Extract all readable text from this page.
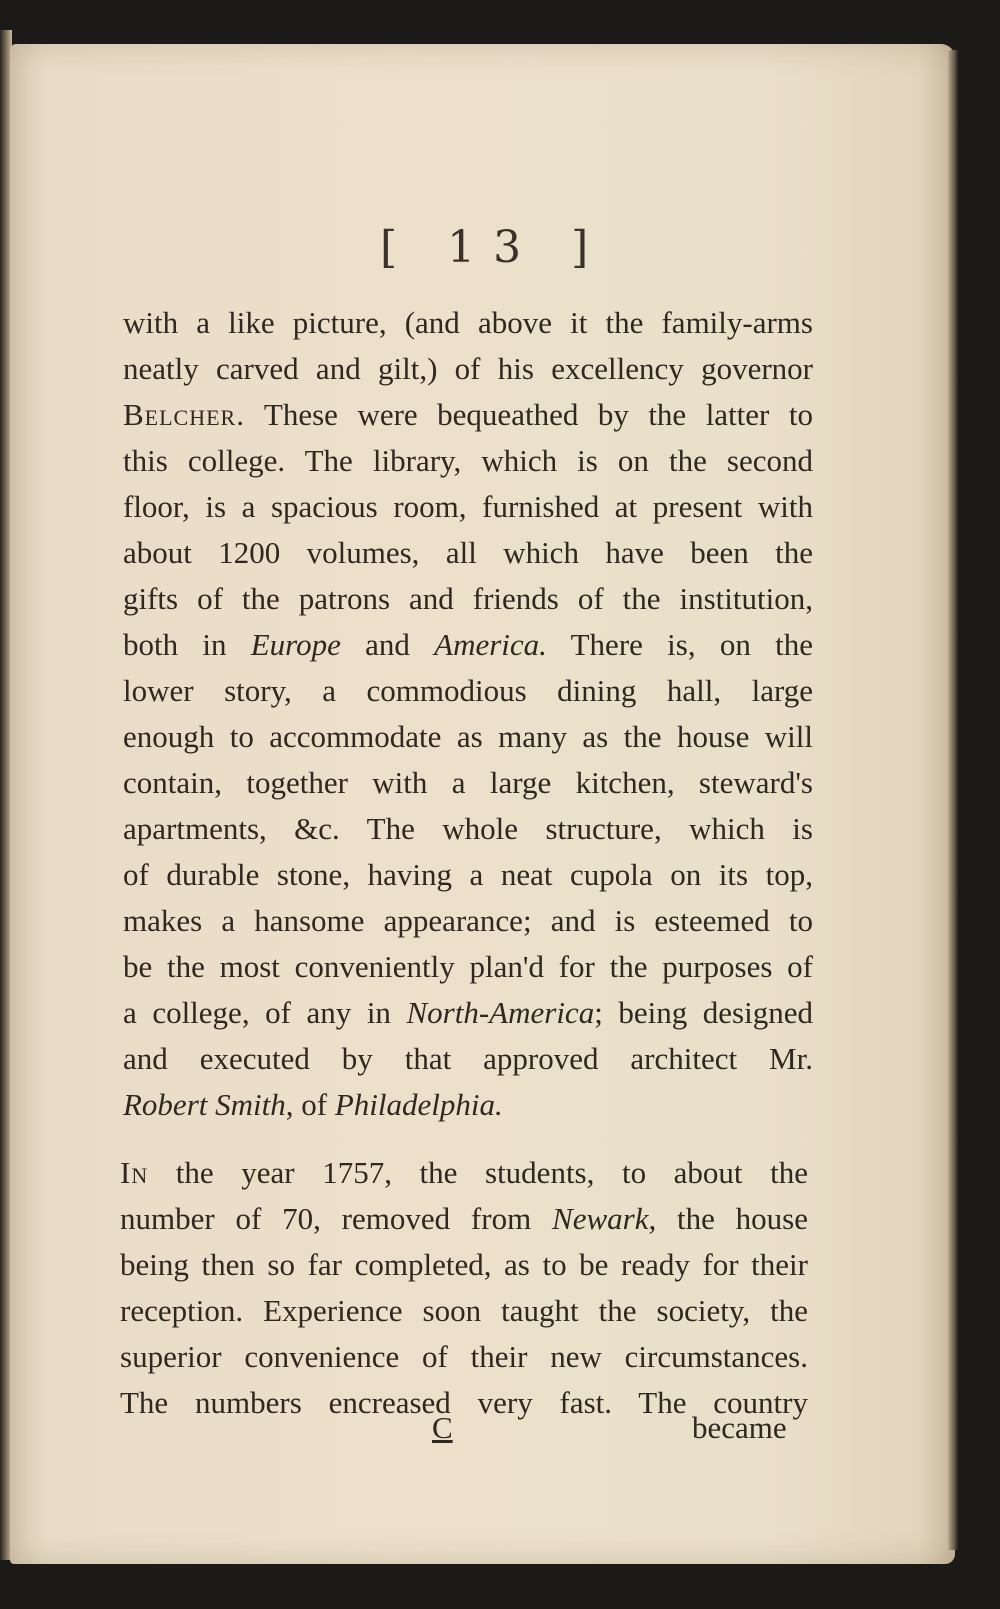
[ 13 ]
with a like picture, (and above it the family-arms
neatly carved and gilt,) of his excellency governor
Belcher. These were bequeathed by the latter to
this college. The library, which is on the second
floor, is a spacious room, furnished at present with
about 1200 volumes, all which have been the
gifts of the patrons and friends of the institution,
both in Europe and America. There is, on the
lower story, a commodious dining hall, large
enough to accommodate as many as the house will
contain, together with a large kitchen, steward's
apartments, &c. The whole structure, which is
of durable stone, having a neat cupola on its top,
makes a hansome appearance; and is esteemed to
be the most conveniently plan'd for the purposes of
a college, of any in North-America; being designed
and executed by that approved architect Mr.
Robert Smith, of Philadelphia.
In the year 1757, the students, to about the
number of 70, removed from Newark, the house
being then so far completed, as to be ready for their
reception. Experience soon taught the society, the
superior convenience of their new circumstances.
The numbers encreased very fast. The country
C	became
